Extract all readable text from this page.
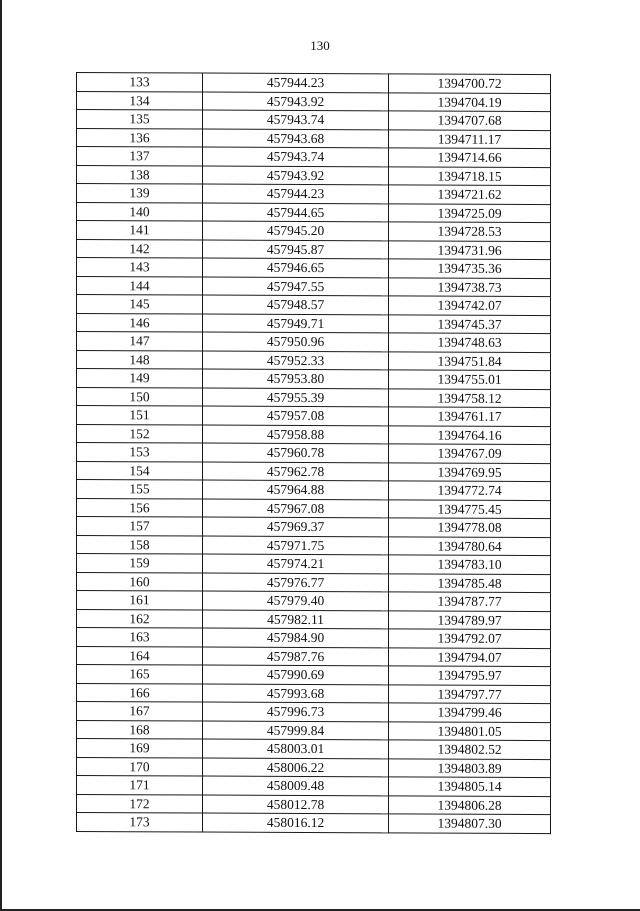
130
133	457944.23	1394700.72
134	457943.92	1394704.19
135	457943.74	1394707.68
136	457943.68	1394711.17
137	457943.74	1394714.66
138	457943.92	1394718.15
139	457944.23	1394721.62
140	457944.65	1394725.09
141	457945.20	1394728.53
142	457945.87	1394731.96
143	457946.65	1394735.36
144	457947.55	1394738.73
145	457948.57	1394742.07
146	457949.71	1394745.37
147	457950.96	1394748.63
148	457952.33	1394751.84
149	457953.80	1394755.01
150	457955.39	1394758.12
151	457957.08	1394761.17
152	457958.88	1394764.16
153	457960.78	1394767.09
154	457962.78	1394769.95
155	457964.88	1394772.74
156	457967.08	1394775.45
157	457969.37	1394778.08
158	457971.75	1394780.64
159	457974.21	1394783.10
160	457976.77	1394785.48
161	457979.40	1394787.77
162	457982.11	1394789.97
163	457984.90	1394792.07
164	457987.76	1394794.07
165	457990.69	1394795.97
166	457993.68	1394797.77
167	457996.73	1394799.46
168	457999.84	1394801.05
169	458003.01	1394802.52
170	458006.22	1394803.89
171	458009.48	1394805.14
172	458012.78	1394806.28
173	458016.12	1394807.30
